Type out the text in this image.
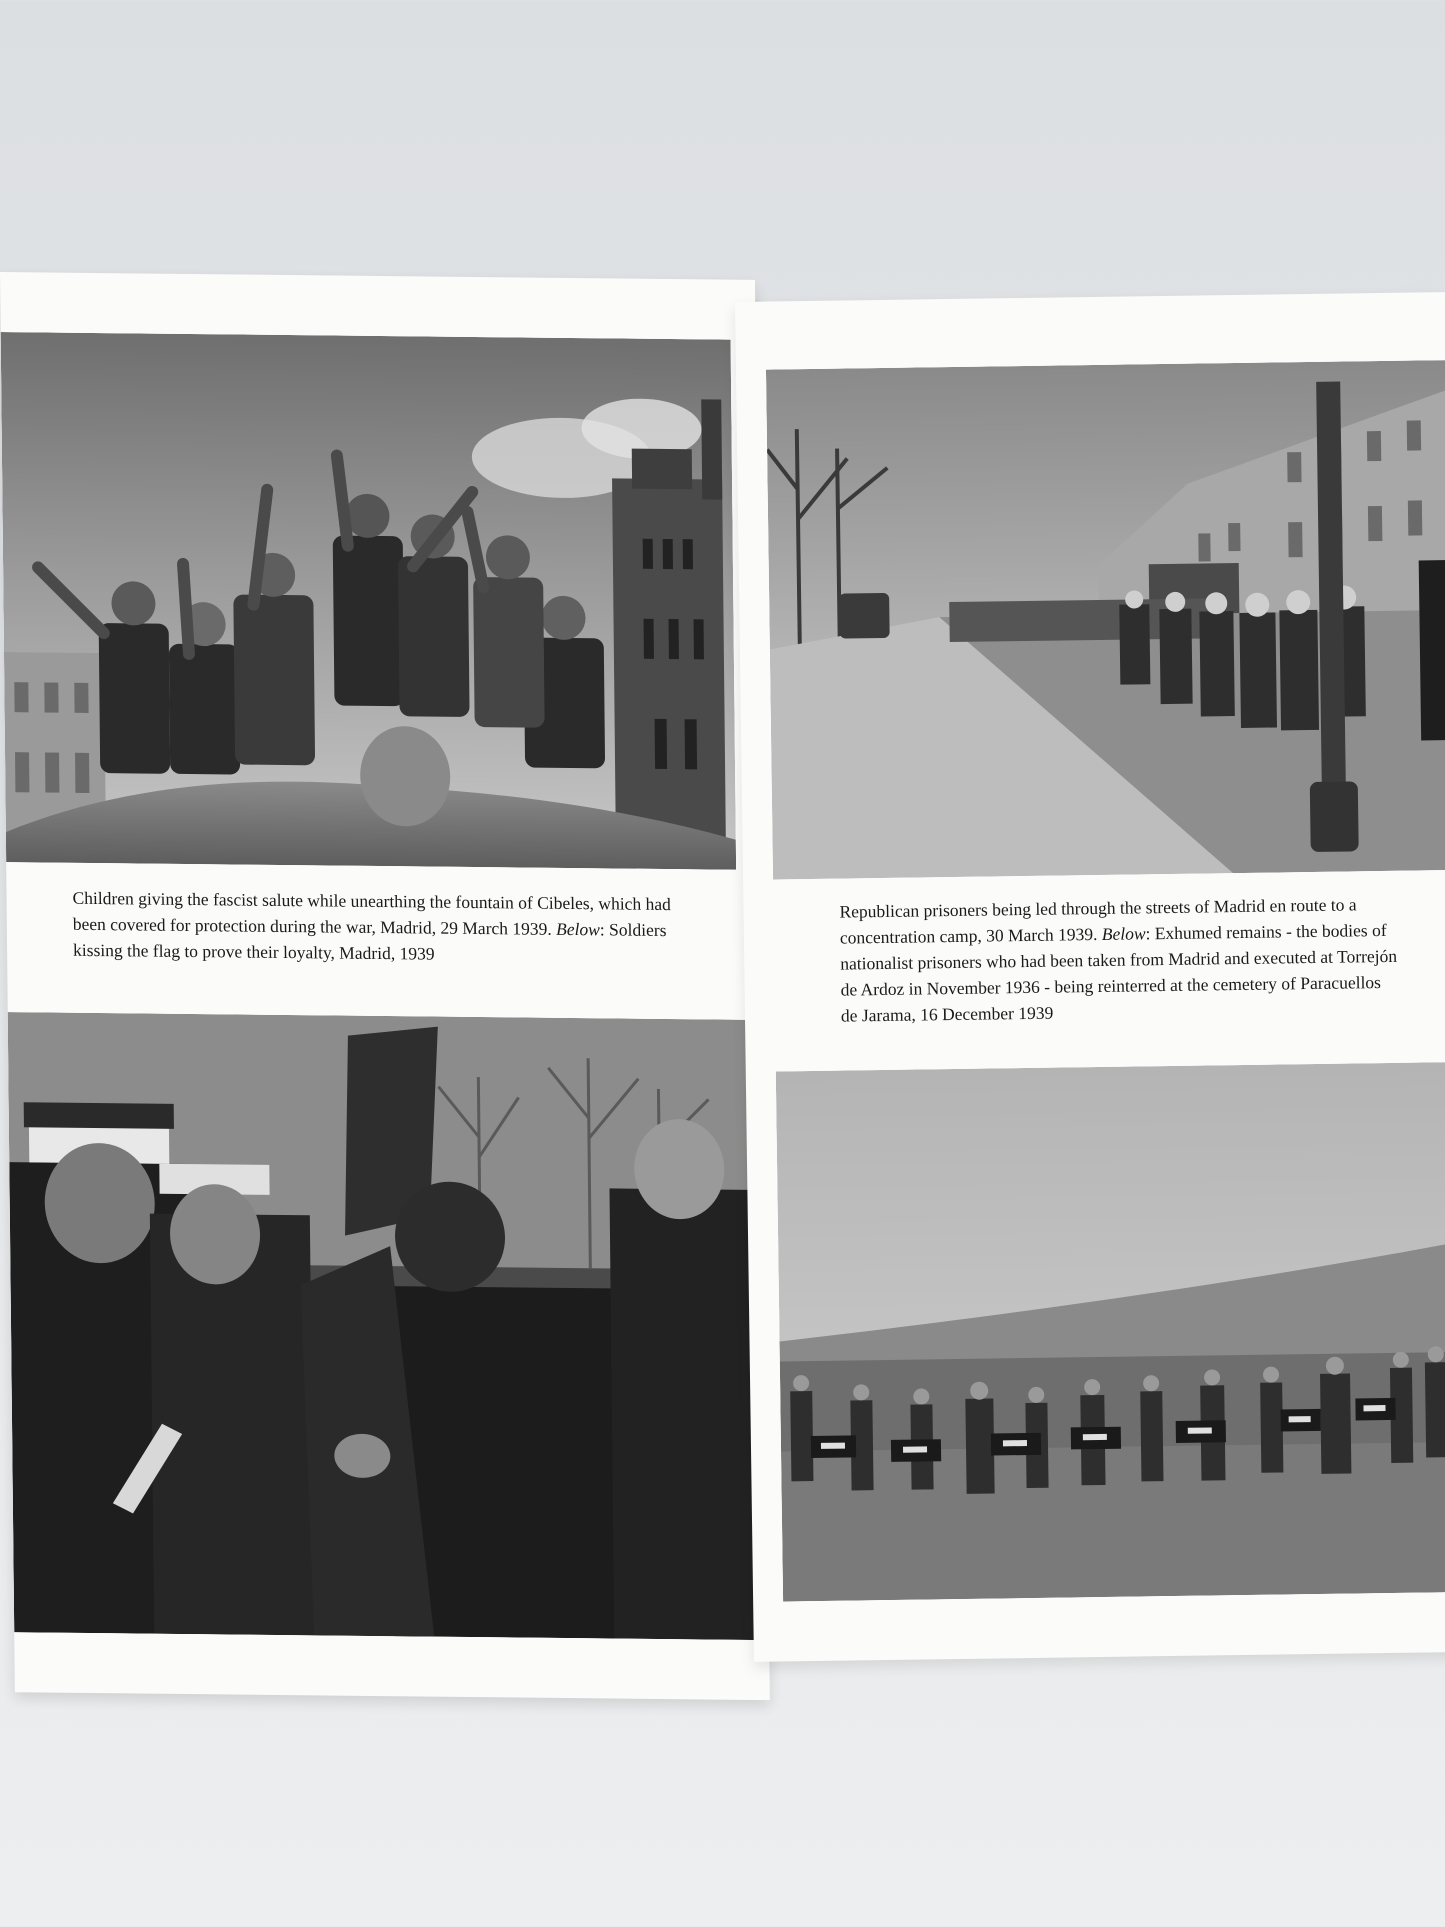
Children giving the fascist salute while unearthing the fountain of Cibeles, which had been covered for protection during the war, Madrid, 29 March 1939. Below: Soldiers kissing the flag to prove their loyalty, Madrid, 1939

Republican prisoners being led through the streets of Madrid en route to a concentration camp, 30 March 1939. Below: Exhumed remains - the bodies of nationalist prisoners who had been taken from Madrid and executed at Torrejón de Ardoz in November 1936 - being reinterred at the cemetery of Paracuellos de Jarama, 16 December 1939
